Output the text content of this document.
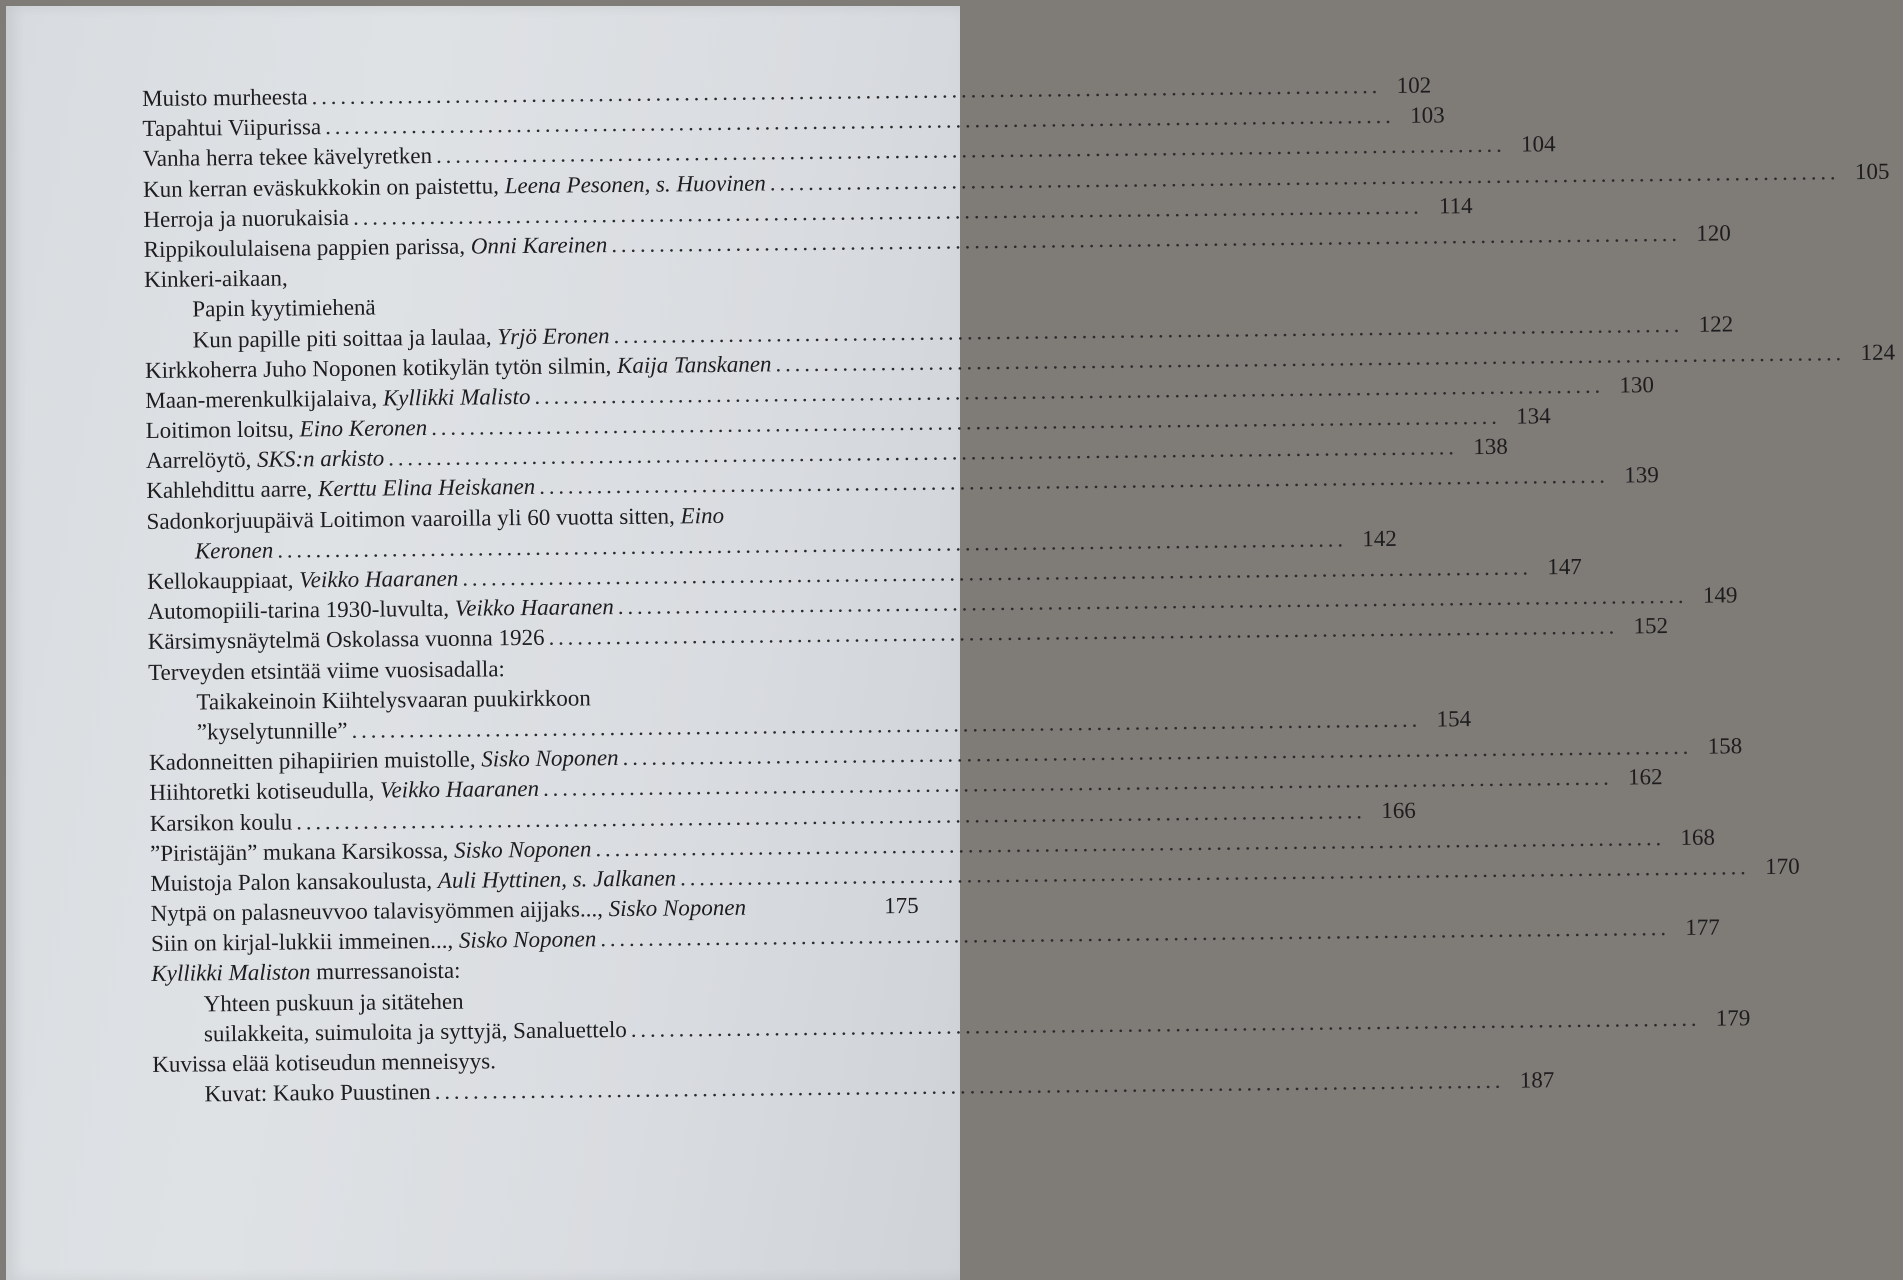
Muisto murheesta ................................................................................................................ 102
Tapahtui Viipurissa ................................................................................................................ 103
Vanha herra tekee kävelyretken ................................................................................................................ 104
Kun kerran eväskukkokin on paistettu, Leena Pesonen, s. Huovinen ................................................................................................................ 105
Herroja ja nuorukaisia ................................................................................................................ 114
Rippikoululaisena pappien parissa, Onni Kareinen ................................................................................................................ 120
Kinkeri-aikaan,
Papin kyytimiehenä
Kun papille piti soittaa ja laulaa, Yrjö Eronen ................................................................................................................ 122
Kirkkoherra Juho Noponen kotikylän tytön silmin, Kaija Tanskanen ................................................................................................................ 124
Maan-merenkulkijalaiva, Kyllikki Malisto ................................................................................................................ 130
Loitimon loitsu, Eino Keronen ................................................................................................................ 134
Aarrelöytö, SKS:n arkisto ................................................................................................................ 138
Kahlehdittu aarre, Kerttu Elina Heiskanen ................................................................................................................ 139
Sadonkorjuupäivä Loitimon vaaroilla yli 60 vuotta sitten, Eino
Keronen ................................................................................................................ 142
Kellokauppiaat, Veikko Haaranen ................................................................................................................ 147
Automopiili-tarina 1930-luvulta, Veikko Haaranen ................................................................................................................ 149
Kärsimysnäytelmä Oskolassa vuonna 1926 ................................................................................................................ 152
Terveyden etsintää viime vuosisadalla:
Taikakeinoin Kiihtelysvaaran puukirkkoon
”kyselytunnille” ................................................................................................................ 154
Kadonneitten pihapiirien muistolle, Sisko Noponen ................................................................................................................ 158
Hiihtoretki kotiseudulla, Veikko Haaranen ................................................................................................................ 162
Karsikon koulu ................................................................................................................ 166
”Piristäjän” mukana Karsikossa, Sisko Noponen ................................................................................................................ 168
Muistoja Palon kansakoulusta, Auli Hyttinen, s. Jalkanen ................................................................................................................ 170
Nytpä on palasneuvvoo talavisyömmen aijjaks..., Sisko Noponen	175
Siin on kirjal-lukkii immeinen..., Sisko Noponen ................................................................................................................ 177
Kyllikki Maliston murressanoista:
Yhteen puskuun ja sitätehen
suilakkeita, suimuloita ja syttyjä, Sanaluettelo ................................................................................................................ 179
Kuvissa elää kotiseudun menneisyys.
Kuvat: Kauko Puustinen ................................................................................................................ 187
